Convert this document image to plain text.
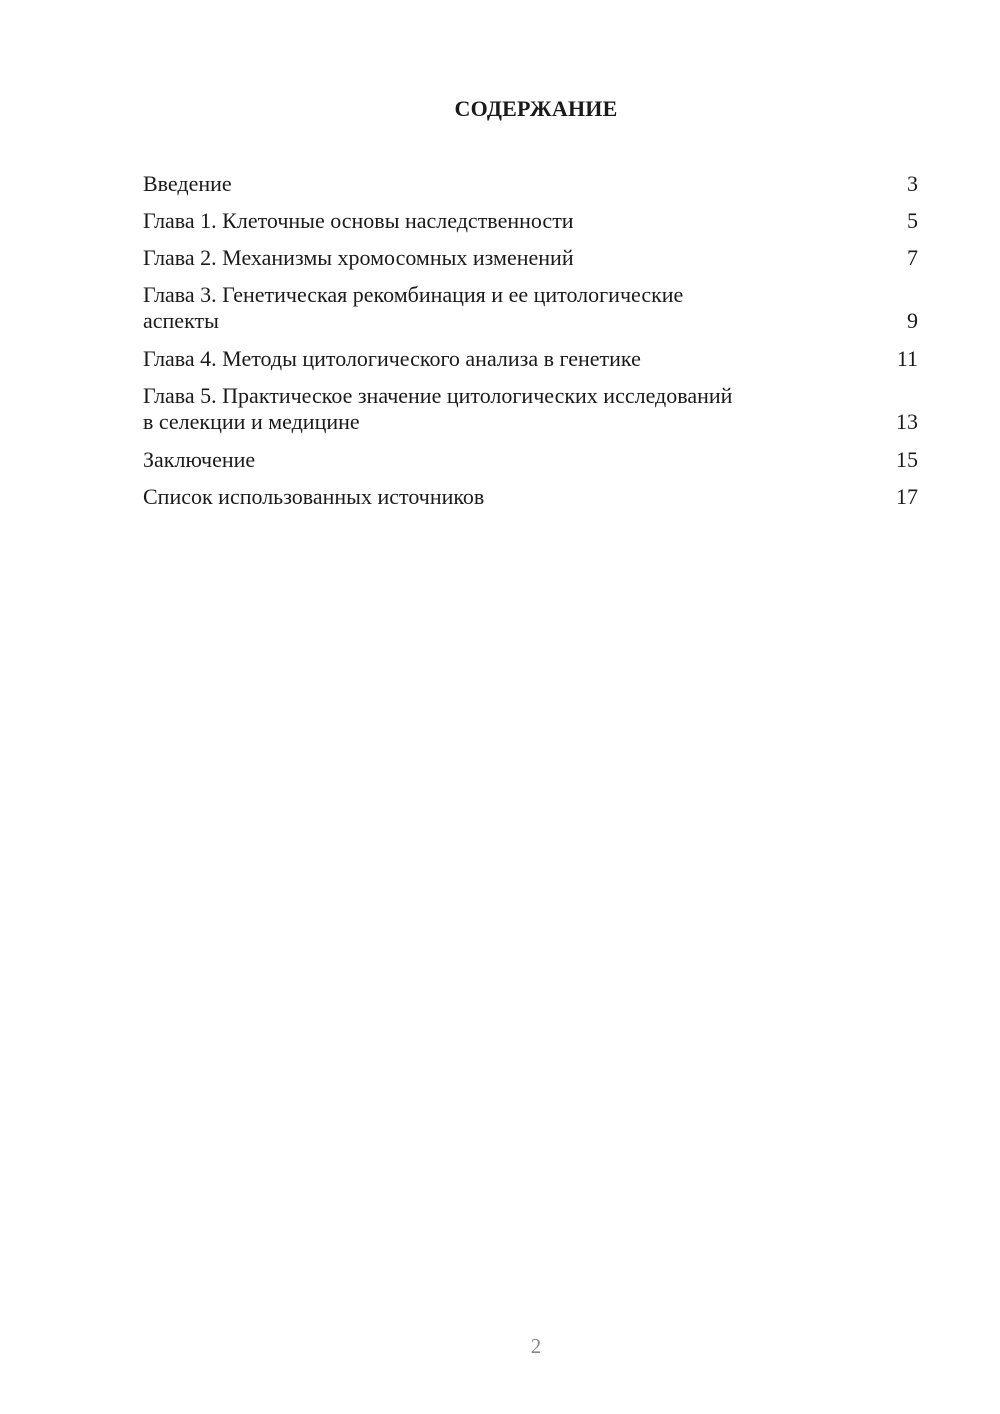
СОДЕРЖАНИЕ
Введение	3
Глава 1. Клеточные основы наследственности	5
Глава 2. Механизмы хромосомных изменений	7
Глава 3. Генетическая рекомбинация и ее цитологические
аспекты	9
Глава 4. Методы цитологического анализа в генетике	11
Глава 5. Практическое значение цитологических исследований
в селекции и медицине	13
Заключение	15
Список использованных источников	17
2
